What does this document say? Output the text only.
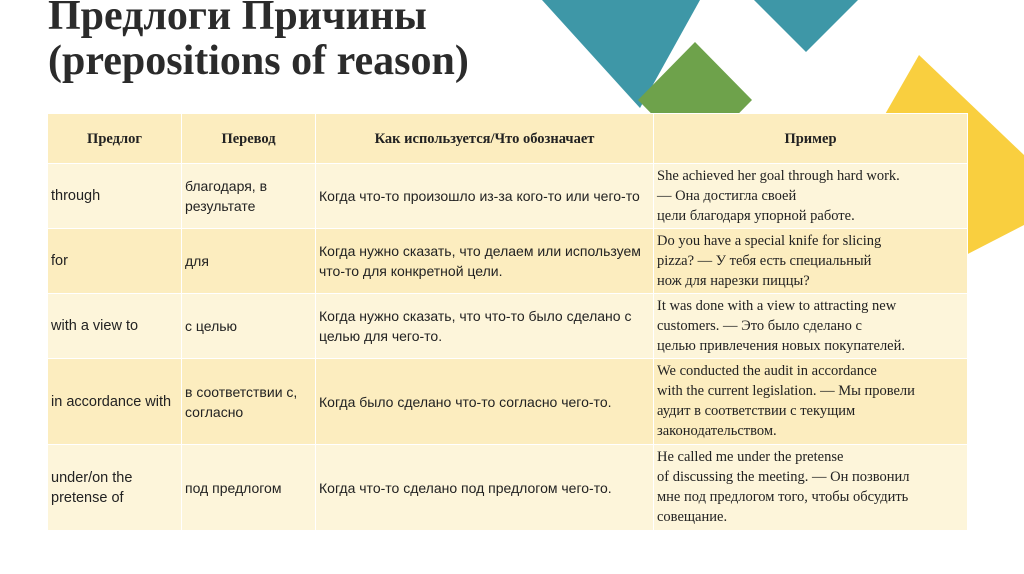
Предлоги Причины
(prepositions of reason)
Предлог	Перевод	Как используется/Что обозначает	Пример
through	благодаря, в результате	Когда что-то произошло из-за кого-то или чего-то	She achieved her goal through hard work.
— Она достигла своей
цели благодаря упорной работе.

for	для	Когда нужно сказать, что делаем или используем что-то для конкретной цели.	Do you have a special knife for slicing
pizza? — У тебя есть специальный
нож для нарезки пиццы?

with a view to	с целью	Когда нужно сказать, что что-то было сделано с целью для чего-то.	It was done with a view to attracting new
customers. — Это было сделано с
целью привлечения новых покупателей.

in accordance with	в соответствии с, согласно	Когда было сделано что-то согласно чего-то.	We conducted the audit in accordance
with the current legislation. — Мы провели
аудит в соответствии с текущим
законодательством.

under/on the pretense of	под предлогом	Когда что-то сделано под предлогом чего-то.	He called me under the pretense
of discussing the meeting. — Он позвонил
мне под предлогом того, чтобы обсудить
совещание.
